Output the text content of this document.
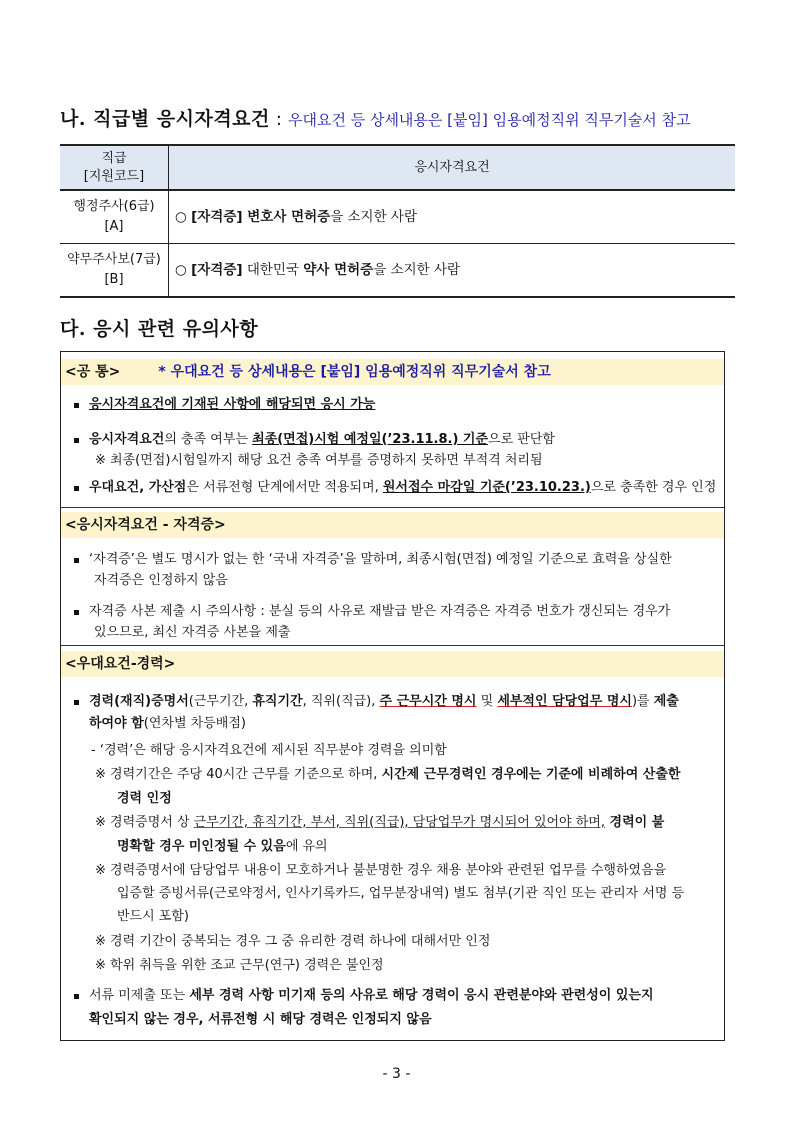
나. 직급별 응시자격요건 : 우대요건 등 상세내용은 [붙임] 임용예정직위 직무기술서 참고
직급
[지원코드]	응시자격요건

행정주사(6급)
[A]	○ [자격증] 변호사 면허증을 소지한 사람

약무주사보(7급)
[B]	○ [자격증] 대한민국 약사 면허증을 소지한 사람
다. 응시 관련 유의사항
<공 통>	* 우대요건 등 상세내용은 [붙임] 임용예정직위 직무기술서 참고
응시자격요건에 기재된 사항에 해당되면 응시 가능
응시자격요건의 충족 여부는 최종(면접)시험 예정일(’23.11.8.) 기준으로 판단함
※ 최종(면접)시험일까지 해당 요건 충족 여부를 증명하지 못하면 부적격 처리됨
우대요건, 가산점은 서류전형 단계에서만 적용되며, 원서접수 마감일 기준(’23.10.23.)으로 충족한 경우 인정
<응시자격요건 - 자격증>
‘자격증’은 별도 명시가 없는 한 ‘국내 자격증’을 말하며, 최종시험(면접) 예정일 기준으로 효력을 상실한
자격증은 인정하지 않음
자격증 사본 제출 시 주의사항 : 분실 등의 사유로 재발급 받은 자격증은 자격증 번호가 갱신되는 경우가
있으므로, 최신 자격증 사본을 제출
<우대요건-경력>
경력(재직)증명서(근무기간, 휴직기간, 직위(직급), 주 근무시간 명시 및 세부적인 담당업무 명시)를 제출
하여야 함(연차별 차등배점)
- ‘경력’은 해당 응시자격요건에 제시된 직무분야 경력을 의미함
※ 경력기간은 주당 40시간 근무를 기준으로 하며, 시간제 근무경력인 경우에는 기준에 비례하여 산출한
경력 인정
※ 경력증명서 상 근무기간, 휴직기간, 부서, 직위(직급), 담당업무가 명시되어 있어야 하며, 경력이 불
명확할 경우 미인정될 수 있음에 유의
※ 경력증명서에 담당업무 내용이 모호하거나 불분명한 경우 채용 분야와 관련된 업무를 수행하였음을
입증할 증빙서류(근로약정서, 인사기록카드, 업무분장내역) 별도 첨부(기관 직인 또는 관리자 서명 등
반드시 포함)
※ 경력 기간이 중복되는 경우 그 중 유리한 경력 하나에 대해서만 인정
※ 학위 취득을 위한 조교 근무(연구) 경력은 불인정
서류 미제출 또는 세부 경력 사항 미기재 등의 사유로 해당 경력이 응시 관련분야와 관련성이 있는지
확인되지 않는 경우, 서류전형 시 해당 경력은 인정되지 않음
- 3 -
